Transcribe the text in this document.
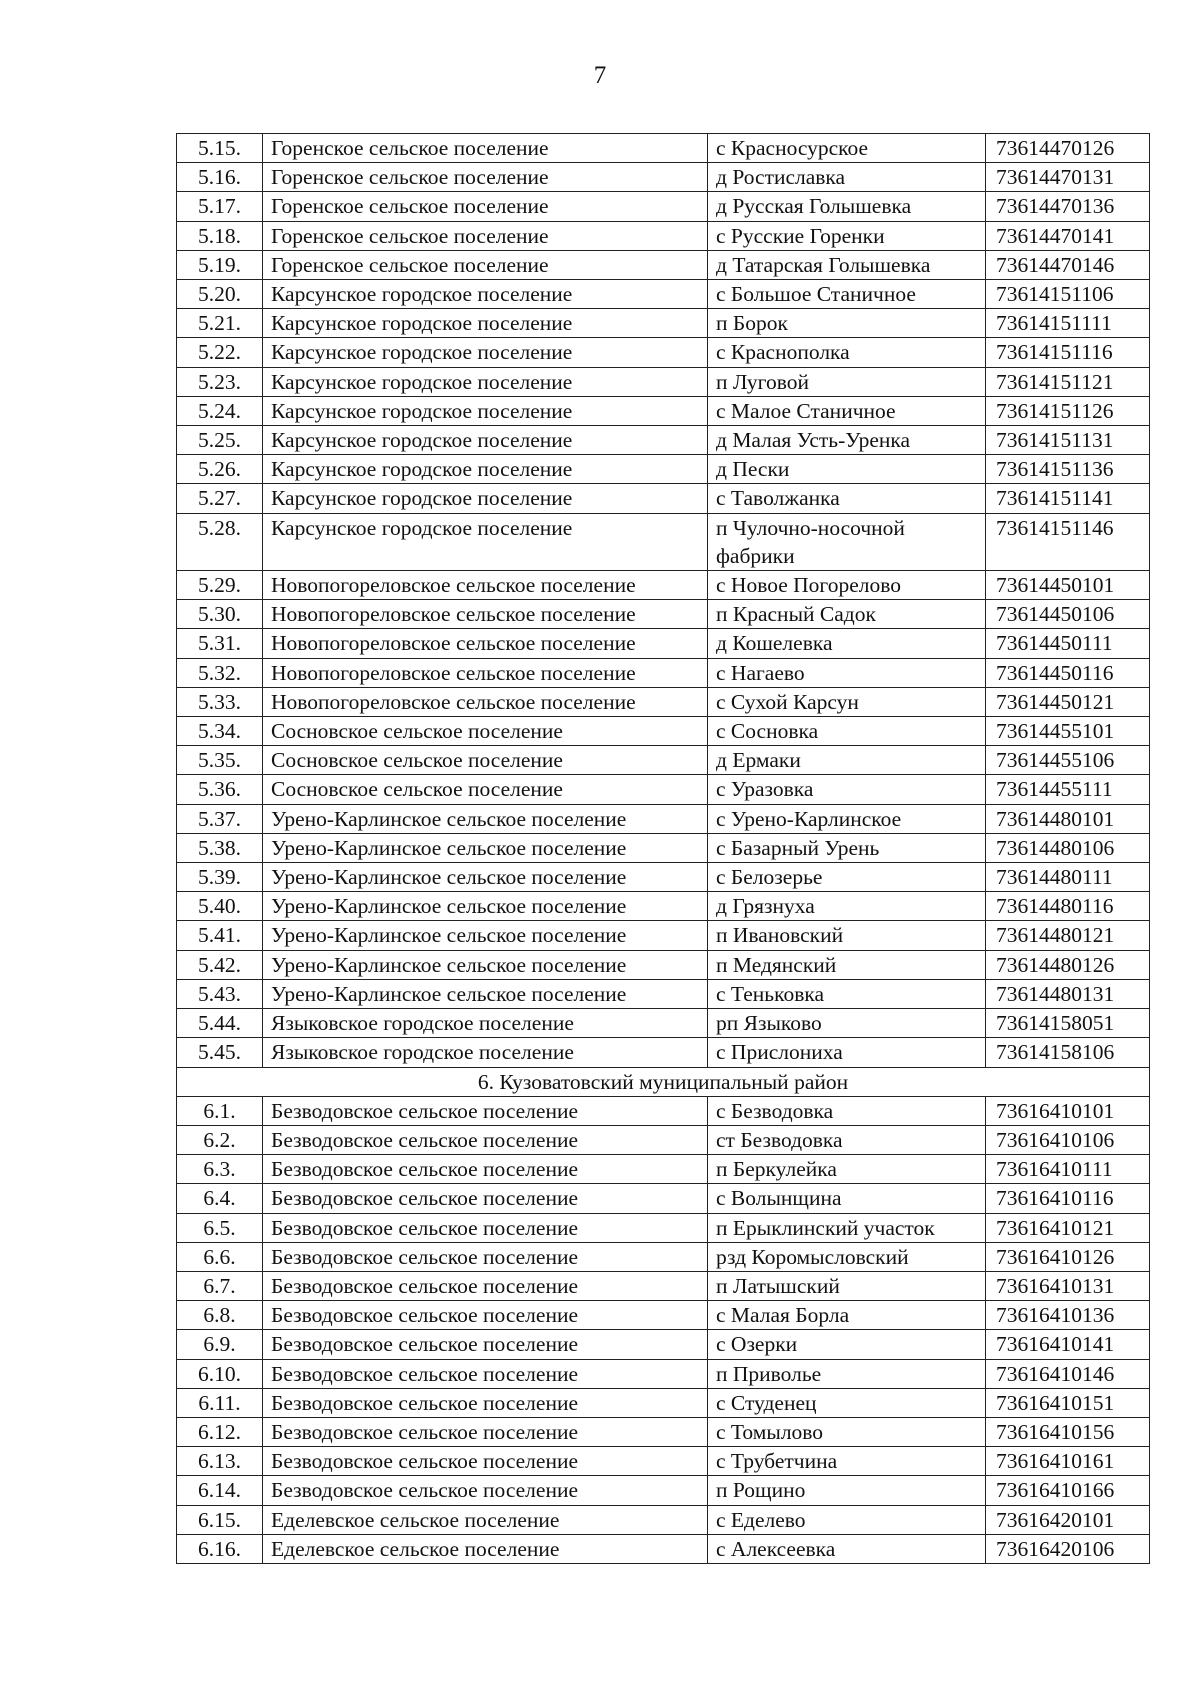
7
5.15.	Горенское сельское поселение	с Красносурское	73614470126
5.16.	Горенское сельское поселение	д Ростиславка	73614470131
5.17.	Горенское сельское поселение	д Русская Голышевка	73614470136
5.18.	Горенское сельское поселение	с Русские Горенки	73614470141
5.19.	Горенское сельское поселение	д Татарская Голышевка	73614470146
5.20.	Карсунское городское поселение	с Большое Станичное	73614151106
5.21.	Карсунское городское поселение	п Борок	73614151111
5.22.	Карсунское городское поселение	с Краснополка	73614151116
5.23.	Карсунское городское поселение	п Луговой	73614151121
5.24.	Карсунское городское поселение	с Малое Станичное	73614151126
5.25.	Карсунское городское поселение	д Малая Усть-Уренка	73614151131
5.26.	Карсунское городское поселение	д Пески	73614151136
5.27.	Карсунское городское поселение	с Таволжанка	73614151141
5.28.	Карсунское городское поселение	п Чулочно-носочной фабрики	73614151146
5.29.	Новопогореловское сельское поселение	с Новое Погорелово	73614450101
5.30.	Новопогореловское сельское поселение	п Красный Садок	73614450106
5.31.	Новопогореловское сельское поселение	д Кошелевка	73614450111
5.32.	Новопогореловское сельское поселение	с Нагаево	73614450116
5.33.	Новопогореловское сельское поселение	с Сухой Карсун	73614450121
5.34.	Сосновское сельское поселение	с Сосновка	73614455101
5.35.	Сосновское сельское поселение	д Ермаки	73614455106
5.36.	Сосновское сельское поселение	с Уразовка	73614455111
5.37.	Урено-Карлинское сельское поселение	с Урено-Карлинское	73614480101
5.38.	Урено-Карлинское сельское поселение	с Базарный Урень	73614480106
5.39.	Урено-Карлинское сельское поселение	с Белозерье	73614480111
5.40.	Урено-Карлинское сельское поселение	д Грязнуха	73614480116
5.41.	Урено-Карлинское сельское поселение	п Ивановский	73614480121
5.42.	Урено-Карлинское сельское поселение	п Медянский	73614480126
5.43.	Урено-Карлинское сельское поселение	с Теньковка	73614480131
5.44.	Языковское городское поселение	рп Языково	73614158051
5.45.	Языковское городское поселение	с Прислониха	73614158106
6. Кузоватовский муниципальный район			
6.1.	Безводовское сельское поселение	с Безводовка	73616410101
6.2.	Безводовское сельское поселение	ст Безводовка	73616410106
6.3.	Безводовское сельское поселение	п Беркулейка	73616410111
6.4.	Безводовское сельское поселение	с Волынщина	73616410116
6.5.	Безводовское сельское поселение	п Ерыклинский участок	73616410121
6.6.	Безводовское сельское поселение	рзд Коромысловский	73616410126
6.7.	Безводовское сельское поселение	п Латышский	73616410131
6.8.	Безводовское сельское поселение	с Малая Борла	73616410136
6.9.	Безводовское сельское поселение	с Озерки	73616410141
6.10.	Безводовское сельское поселение	п Приволье	73616410146
6.11.	Безводовское сельское поселение	с Студенец	73616410151
6.12.	Безводовское сельское поселение	с Томылово	73616410156
6.13.	Безводовское сельское поселение	с Трубетчина	73616410161
6.14.	Безводовское сельское поселение	п Рощино	73616410166
6.15.	Еделевское сельское поселение	с Еделево	73616420101
6.16.	Еделевское сельское поселение	с Алексеевка	73616420106
